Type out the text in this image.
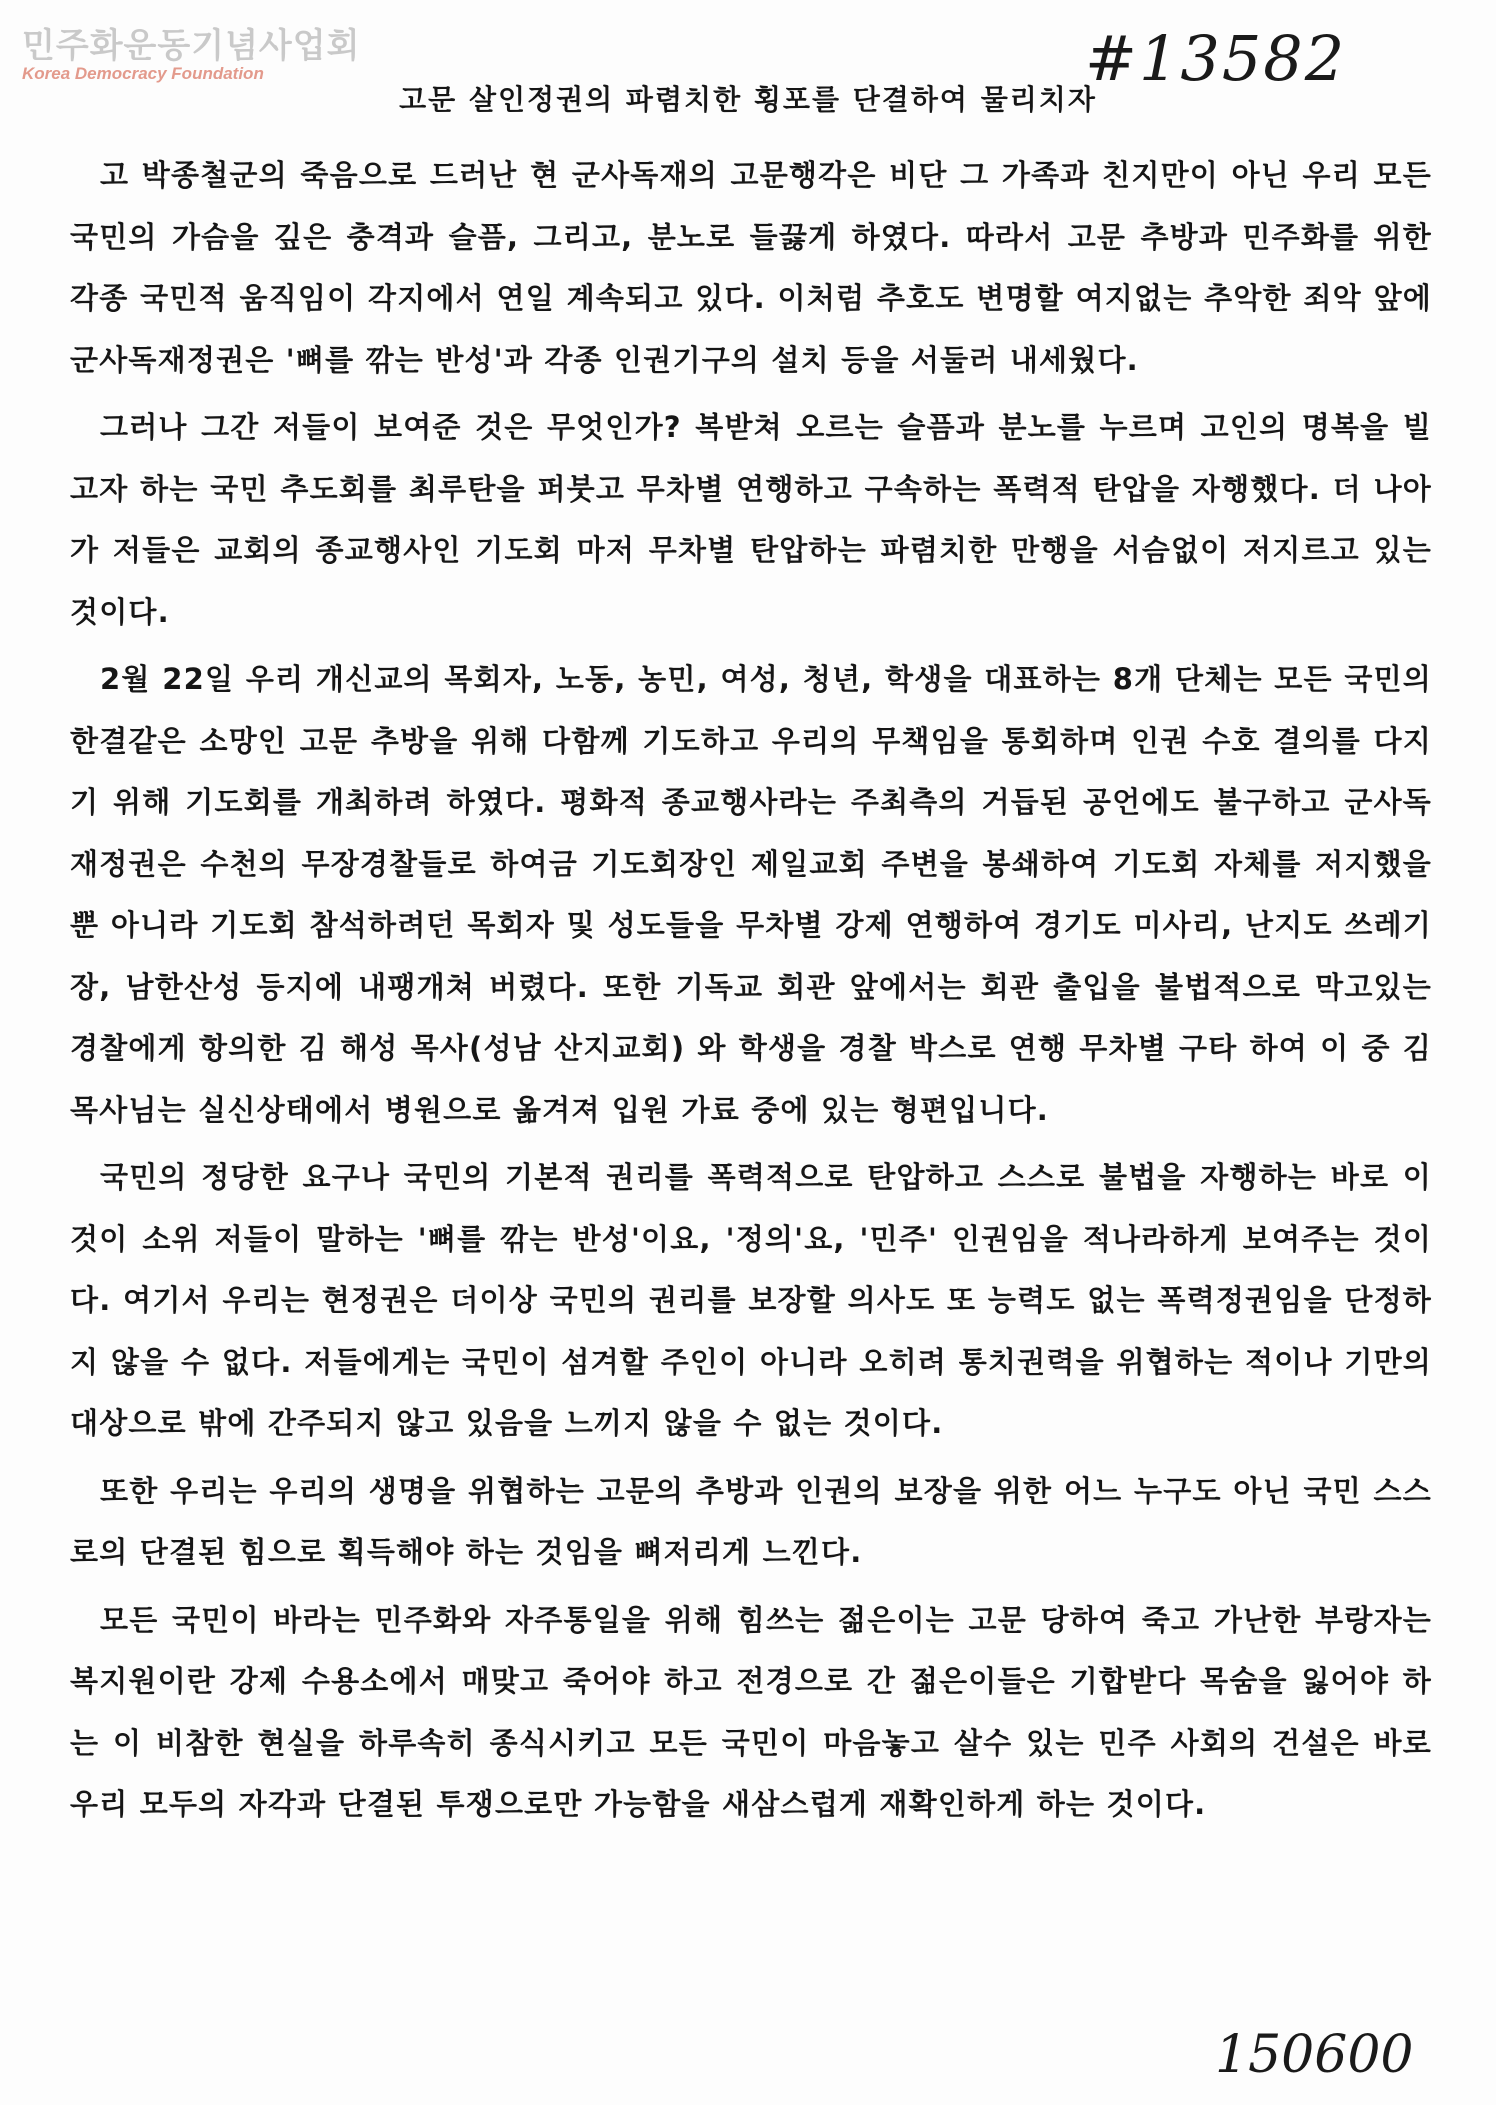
민주화운동기념사업회
Korea Democracy Foundation	#13582
고문 살인정권의 파렴치한 횡포를 단결하여 물리치자

고 박종철군의 죽음으로 드러난 현 군사독재의 고문행각은 비단 그 가족과 친지만이 아닌 우리 모든 국민의 가슴을 깊은 충격과 슬픔, 그리고, 분노로 들끓게 하였다. 따라서 고문 추방과 민주화를 위한 각종 국민적 움직임이 각지에서 연일 계속되고 있다. 이처럼 추호도 변명할 여지없는 추악한 죄악 앞에 군사독재정권은 '뼈를 깎는 반성'과 각종 인권기구의 설치 등을 서둘러 내세웠다.

그러나 그간 저들이 보여준 것은 무엇인가? 복받쳐 오르는 슬픔과 분노를 누르며 고인의 명복을 빌고자 하는 국민 추도회를 최루탄을 퍼붓고 무차별 연행하고 구속하는 폭력적 탄압을 자행했다. 더 나아가 저들은 교회의 종교행사인 기도회 마저 무차별 탄압하는 파렴치한 만행을 서슴없이 저지르고 있는 것이다.

2월 22일 우리 개신교의 목회자, 노동, 농민, 여성, 청년, 학생을 대표하는 8개 단체는 모든 국민의 한결같은 소망인 고문 추방을 위해 다함께 기도하고 우리의 무책임을 통회하며 인권 수호 결의를 다지기 위해 기도회를 개최하려 하였다. 평화적 종교행사라는 주최측의 거듭된 공언에도 불구하고 군사독재정권은 수천의 무장경찰들로 하여금 기도회장인 제일교회 주변을 봉쇄하여 기도회 자체를 저지했을 뿐 아니라 기도회 참석하려던 목회자 및 성도들을 무차별 강제 연행하여 경기도 미사리, 난지도 쓰레기장, 남한산성 등지에 내팽개쳐 버렸다. 또한 기독교 회관 앞에서는 회관 출입을 불법적으로 막고있는 경찰에게 항의한 김 해성 목사(성남 산지교회) 와 학생을 경찰 박스로 연행 무차별 구타 하여 이 중 김목사님는 실신상태에서 병원으로 옮겨져 입원 가료 중에 있는 형편입니다.

국민의 정당한 요구나 국민의 기본적 권리를 폭력적으로 탄압하고 스스로 불법을 자행하는 바로 이것이 소위 저들이 말하는 '뼈를 깎는 반성'이요, '정의'요, '민주' 인권임을 적나라하게 보여주는 것이다. 여기서 우리는 현정권은 더이상 국민의 권리를 보장할 의사도 또 능력도 없는 폭력정권임을 단정하지 않을 수 없다. 저들에게는 국민이 섬겨할 주인이 아니라 오히려 통치권력을 위협하는 적이나 기만의 대상으로 밖에 간주되지 않고 있음을 느끼지 않을 수 없는 것이다.

또한 우리는 우리의 생명을 위협하는 고문의 추방과 인권의 보장을 위한 어느 누구도 아닌 국민 스스로의 단결된 힘으로 획득해야 하는 것임을 뼈저리게 느낀다.

모든 국민이 바라는 민주화와 자주통일을 위해 힘쓰는 젊은이는 고문 당하여 죽고 가난한 부랑자는 복지원이란 강제 수용소에서 매맞고 죽어야 하고 전경으로 간 젊은이들은 기합받다 목숨을 잃어야 하는 이 비참한 현실을 하루속히 종식시키고 모든 국민이 마음놓고 살수 있는 민주 사회의 건설은 바로 우리 모두의 자각과 단결된 투쟁으로만 가능함을 새삼스럽게 재확인하게 하는 것이다.

150600
